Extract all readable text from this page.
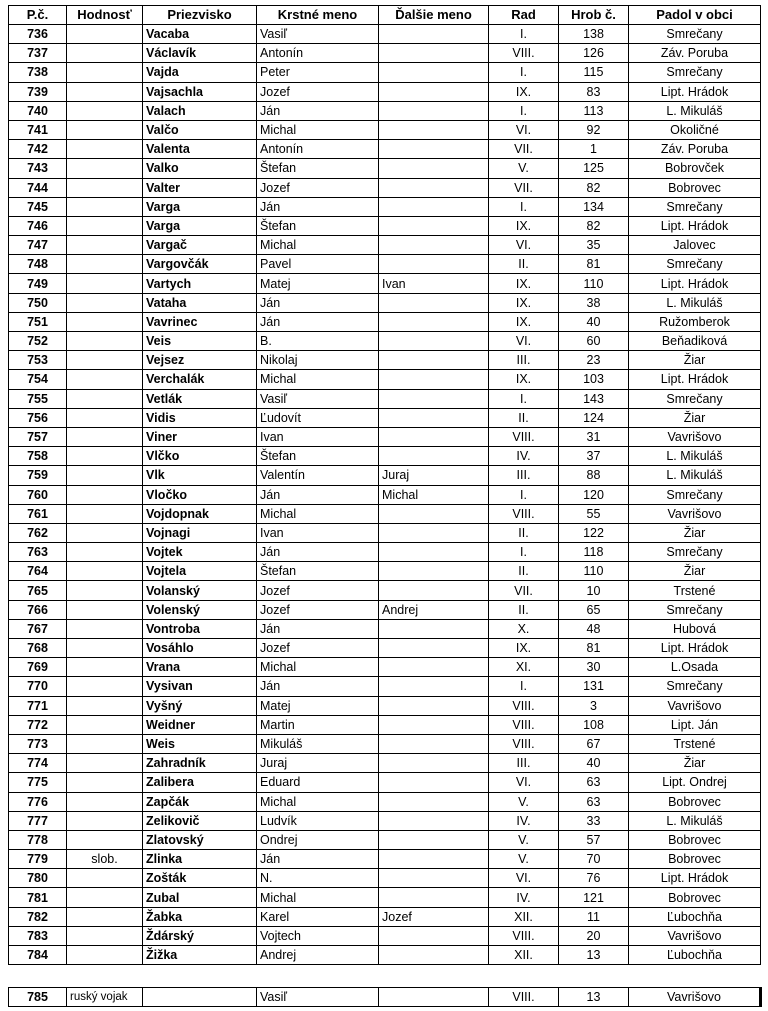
P.č.	Hodnosť	Priezvisko	Krstné meno	Ďalšie meno	Rad	Hrob č.	Padol v obci
736		Vacaba	Vasiľ		I.	138	Smrečany
737		Václavík	Antonín		VIII.	126	Záv. Poruba
738		Vajda	Peter		I.	115	Smrečany
739		Vajsachla	Jozef		IX.	83	Lipt. Hrádok
740		Valach	Ján		I.	113	L. Mikuláš
741		Valčo	Michal		VI.	92	Okoličné
742		Valenta	Antonín		VII.	1	Záv. Poruba
743		Valko	Štefan		V.	125	Bobrovček
744		Valter	Jozef		VII.	82	Bobrovec
745		Varga	Ján		I.	134	Smrečany
746		Varga	Štefan		IX.	82	Lipt. Hrádok
747		Vargač	Michal		VI.	35	Jalovec
748		Vargovčák	Pavel		II.	81	Smrečany
749		Vartych	Matej	Ivan	IX.	110	Lipt. Hrádok
750		Vataha	Ján		IX.	38	L. Mikuláš
751		Vavrinec	Ján		IX.	40	Ružomberok
752		Veis	B.		VI.	60	Beňadiková
753		Vejsez	Nikolaj		III.	23	Žiar
754		Verchalák	Michal		IX.	103	Lipt. Hrádok
755		Vetlák	Vasiľ		I.	143	Smrečany
756		Vidis	Ľudovít		II.	124	Žiar
757		Viner	Ivan		VIII.	31	Vavrišovo
758		Vlčko	Štefan		IV.	37	L. Mikuláš
759		Vlk	Valentín	Juraj	III.	88	L. Mikuláš
760		Vločko	Ján	Michal	I.	120	Smrečany
761		Vojdopnak	Michal		VIII.	55	Vavrišovo
762		Vojnagi	Ivan		II.	122	Žiar
763		Vojtek	Ján		I.	118	Smrečany
764		Vojtela	Štefan		II.	110	Žiar
765		Volanský	Jozef		VII.	10	Trstené
766		Volenský	Jozef	Andrej	II.	65	Smrečany
767		Vontroba	Ján		X.	48	Hubová
768		Vosáhlo	Jozef		IX.	81	Lipt. Hrádok
769		Vrana	Michal		XI.	30	L.Osada
770		Vysivan	Ján		I.	131	Smrečany
771		Vyšný	Matej		VIII.	3	Vavrišovo
772		Weidner	Martin		VIII.	108	Lipt. Ján
773		Weis	Mikuláš		VIII.	67	Trstené
774		Zahradník	Juraj		III.	40	Žiar
775		Zalibera	Eduard		VI.	63	Lipt. Ondrej
776		Zapčák	Michal		V.	63	Bobrovec
777		Zelikovič	Ludvík		IV.	33	L. Mikuláš
778		Zlatovský	Ondrej		V.	57	Bobrovec
779	slob.	Zlinka	Ján		V.	70	Bobrovec
780		Zošták	N.		VI.	76	Lipt. Hrádok
781		Zubal	Michal		IV.	121	Bobrovec
782		Žabka	Karel	Jozef	XII.	11	Ľubochňa
783		Ždárský	Vojtech		VIII.	20	Vavrišovo
784		Žižka	Andrej		XII.	13	Ľubochňa
785	ruský vojak		Vasiľ		VIII.	13	Vavrišovo
